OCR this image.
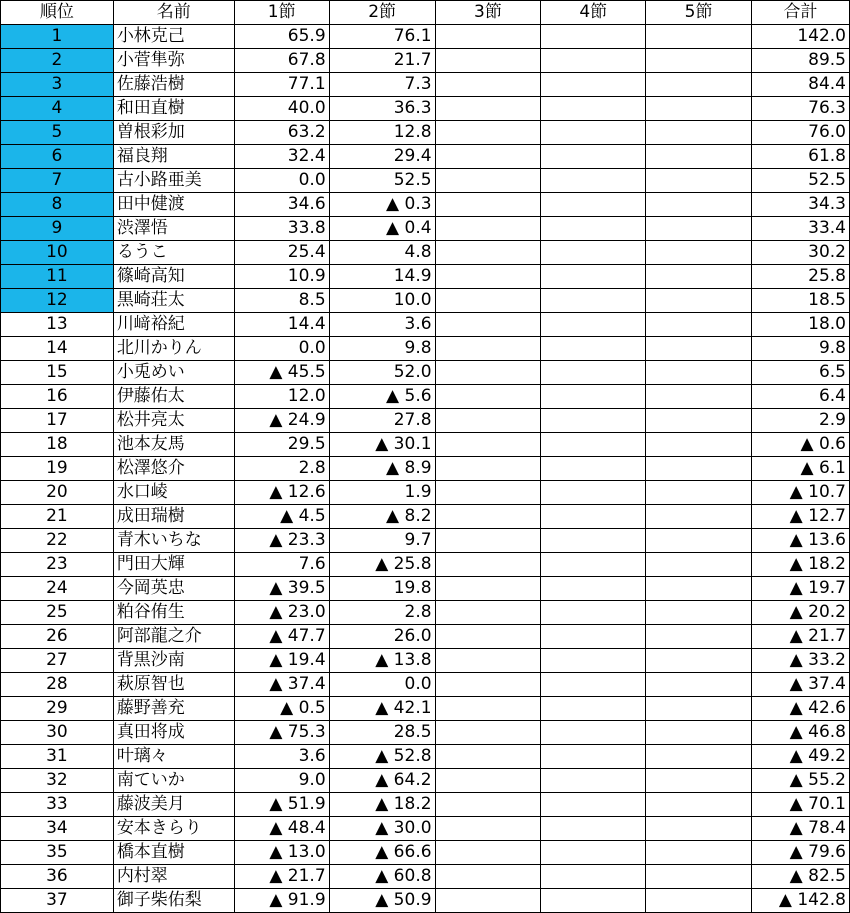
順位	名前	1節	2節	3節	4節	5節	合計
1	小林克己	65.9	76.1				142.0
2	小菅隼弥	67.8	21.7				89.5
3	佐藤浩樹	77.1	7.3				84.4
4	和田直樹	40.0	36.3				76.3
5	曽根彩加	63.2	12.8				76.0
6	福良翔	32.4	29.4				61.8
7	古小路亜美	0.0	52.5				52.5
8	田中健渡	34.6	▲ 0.3				34.3
9	渋澤悟	33.8	▲ 0.4				33.4
10	るうこ	25.4	4.8				30.2
11	篠崎高知	10.9	14.9				25.8
12	黒崎荘太	8.5	10.0				18.5
13	川﨑裕紀	14.4	3.6				18.0
14	北川かりん	0.0	9.8				9.8
15	小兎めい	▲ 45.5	52.0				6.5
16	伊藤佑太	12.0	▲ 5.6				6.4
17	松井亮太	▲ 24.9	27.8				2.9
18	池本友馬	29.5	▲ 30.1				▲ 0.6
19	松澤悠介	2.8	▲ 8.9				▲ 6.1
20	水口崚	▲ 12.6	1.9				▲ 10.7
21	成田瑞樹	▲ 4.5	▲ 8.2				▲ 12.7
22	青木いちな	▲ 23.3	9.7				▲ 13.6
23	門田大輝	7.6	▲ 25.8				▲ 18.2
24	今岡英忠	▲ 39.5	19.8				▲ 19.7
25	粕谷侑生	▲ 23.0	2.8				▲ 20.2
26	阿部龍之介	▲ 47.7	26.0				▲ 21.7
27	背黒沙南	▲ 19.4	▲ 13.8				▲ 33.2
28	萩原智也	▲ 37.4	0.0				▲ 37.4
29	藤野善充	▲ 0.5	▲ 42.1				▲ 42.6
30	真田将成	▲ 75.3	28.5				▲ 46.8
31	叶璃々	3.6	▲ 52.8				▲ 49.2
32	南ていか	9.0	▲ 64.2				▲ 55.2
33	藤波美月	▲ 51.9	▲ 18.2				▲ 70.1
34	安本きらり	▲ 48.4	▲ 30.0				▲ 78.4
35	橋本直樹	▲ 13.0	▲ 66.6				▲ 79.6
36	内村翠	▲ 21.7	▲ 60.8				▲ 82.5
37	御子柴佑梨	▲ 91.9	▲ 50.9				▲ 142.8
